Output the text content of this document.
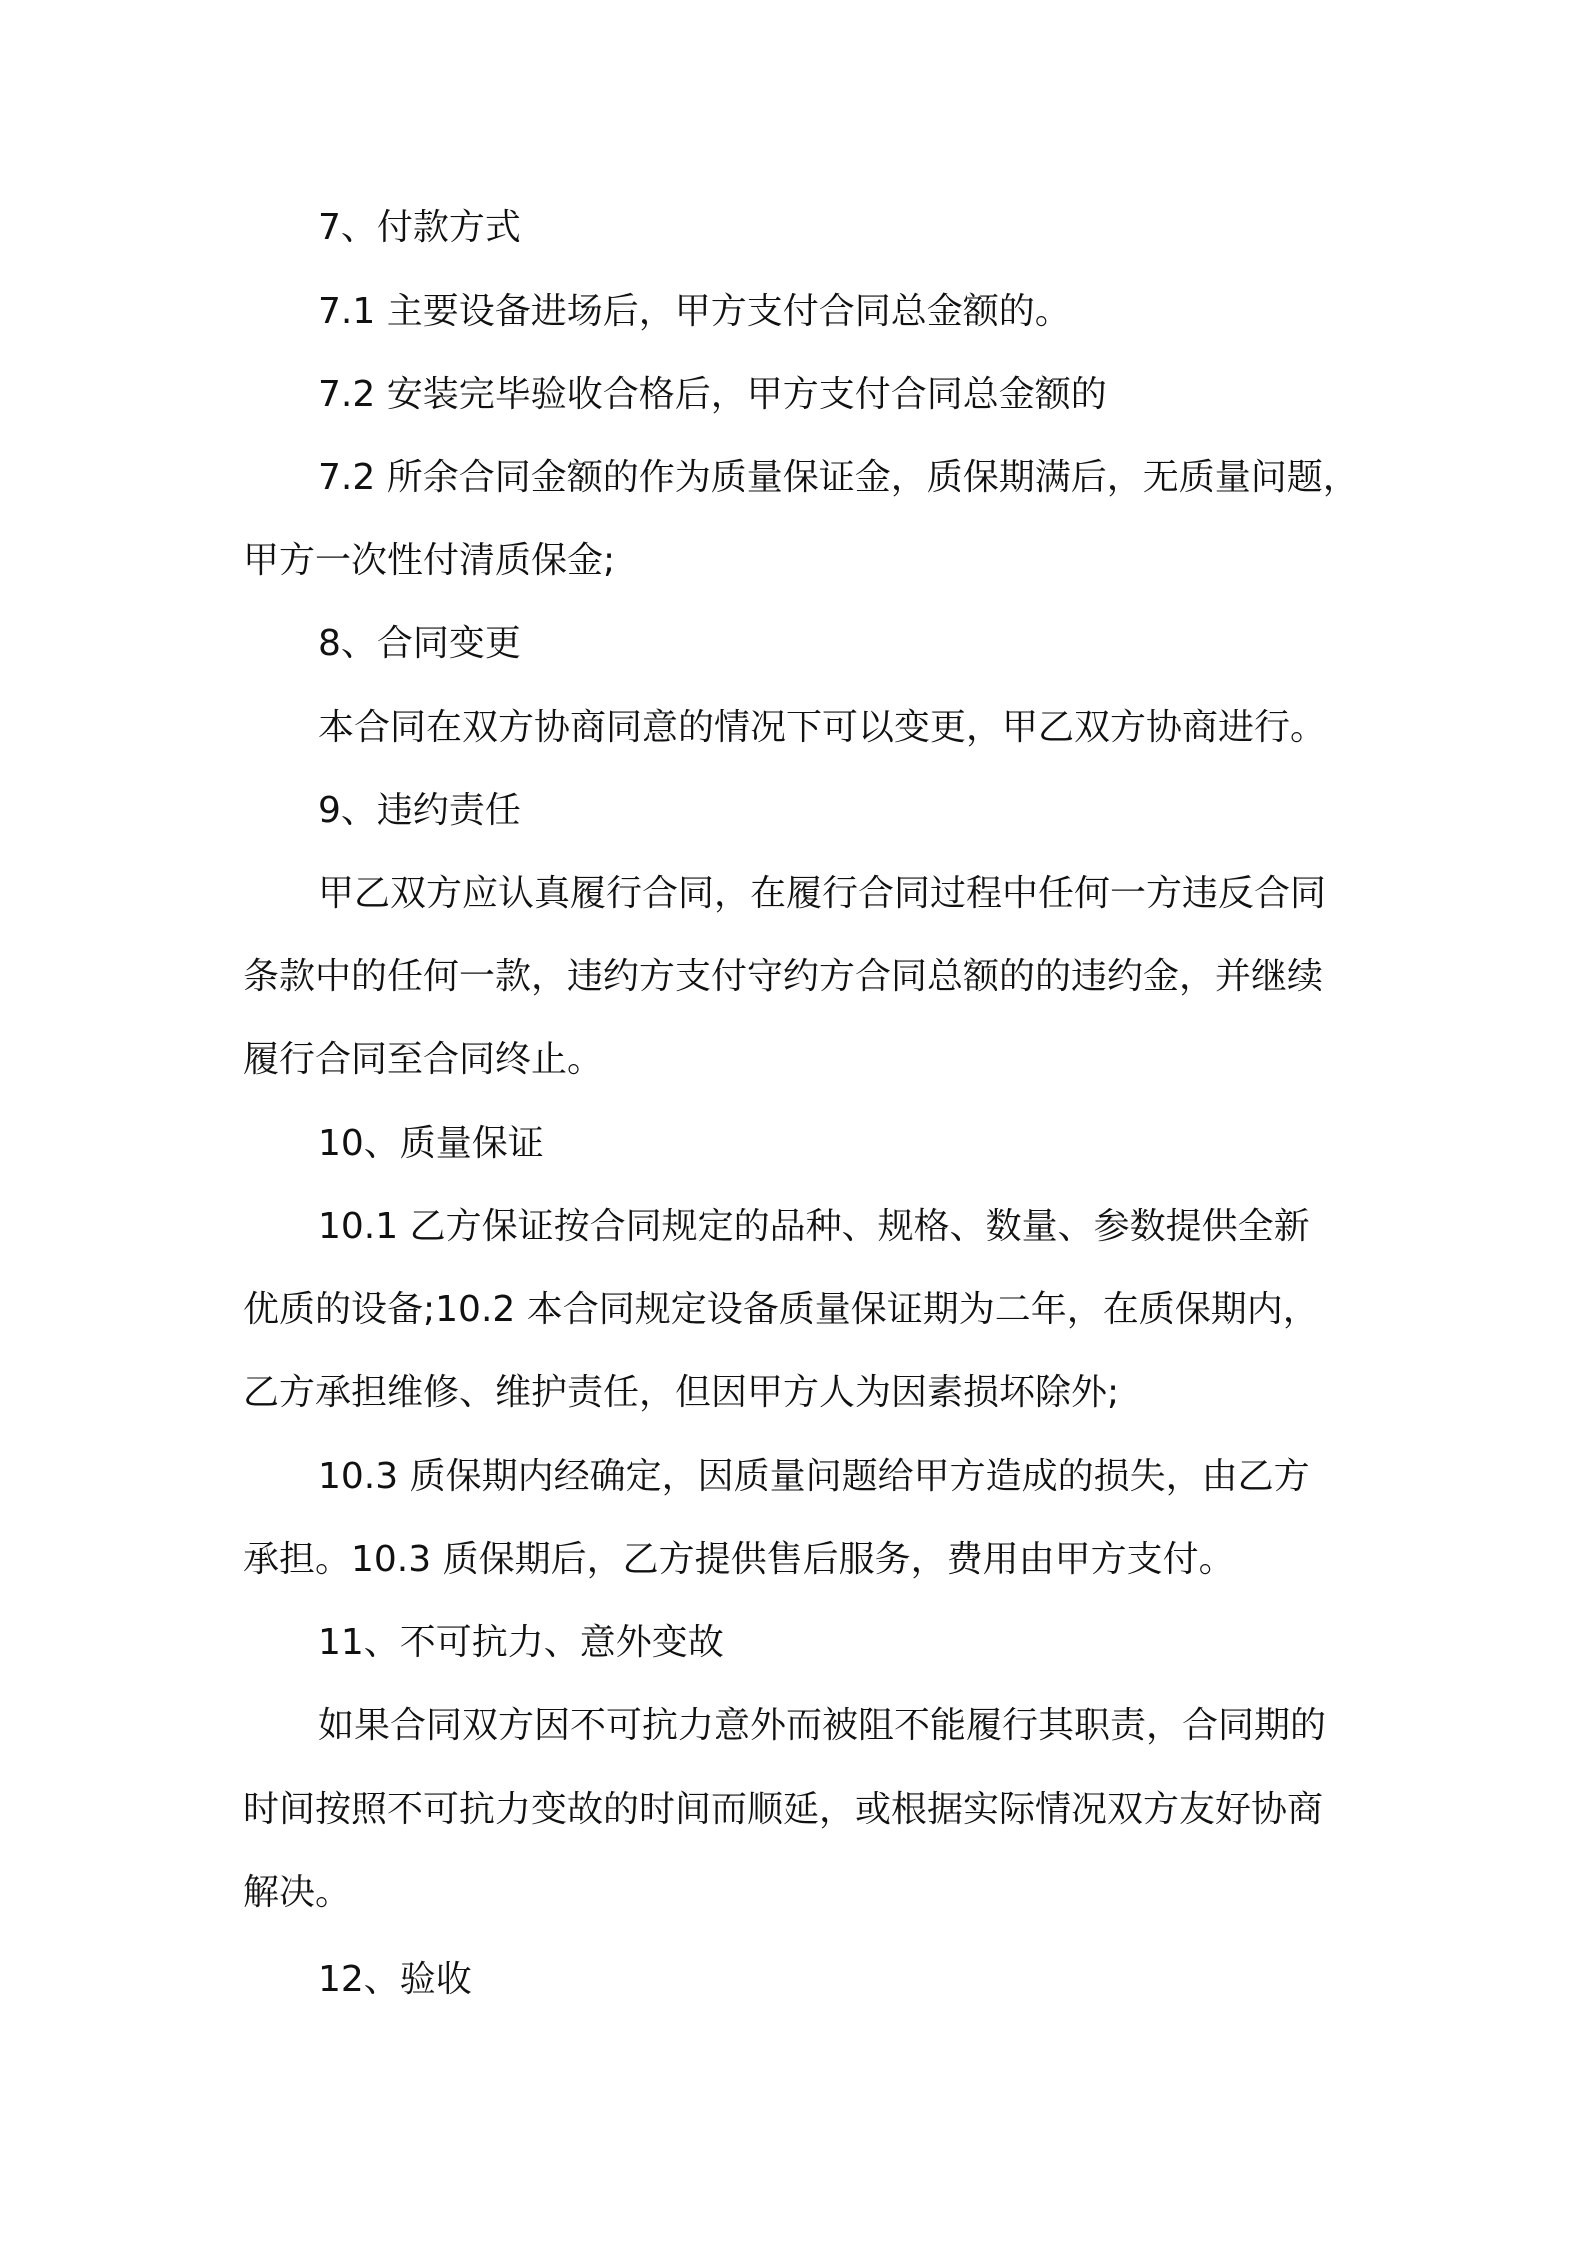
7、付款方式
7.1 主要设备进场后，甲方支付合同总金额的。
7.2 安装完毕验收合格后，甲方支付合同总金额的
7.2 所余合同金额的作为质量保证金，质保期满后，无质量问题，
甲方一次性付清质保金;
8、合同变更
本合同在双方协商同意的情况下可以变更，甲乙双方协商进行。
9、违约责任
甲乙双方应认真履行合同，在履行合同过程中任何一方违反合同
条款中的任何一款，违约方支付守约方合同总额的的违约金，并继续
履行合同至合同终止。
10、质量保证
10.1 乙方保证按合同规定的品种、规格、数量、参数提供全新
优质的设备;10.2 本合同规定设备质量保证期为二年，在质保期内，
乙方承担维修、维护责任，但因甲方人为因素损坏除外;
10.3 质保期内经确定，因质量问题给甲方造成的损失，由乙方
承担。10.3 质保期后，乙方提供售后服务，费用由甲方支付。
11、不可抗力、意外变故
如果合同双方因不可抗力意外而被阻不能履行其职责，合同期的
时间按照不可抗力变故的时间而顺延，或根据实际情况双方友好协商
解决。
12、验收
